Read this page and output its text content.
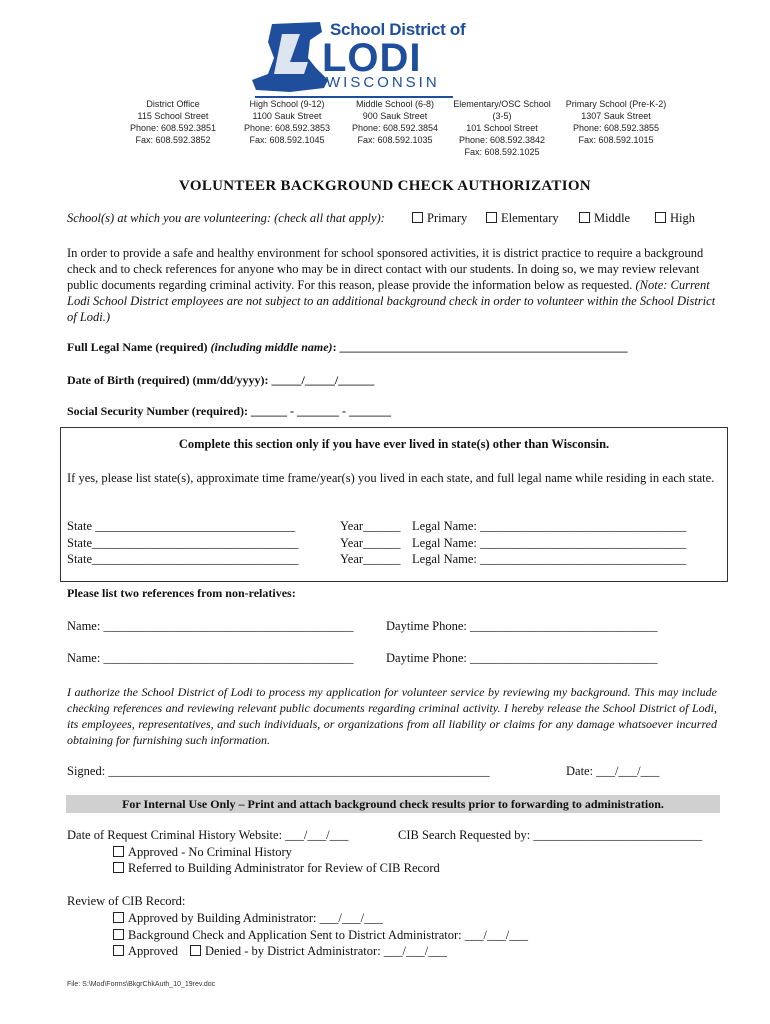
School District of
LODI
WISCONSIN
District Office
115 School Street
Phone: 608.592.3851
Fax: 608.592.3852
High School (9-12)
1100 Sauk Street
Phone: 608.592.3853
Fax: 608.592.1045
Middle School (6-8)
900 Sauk Street
Phone: 608.592.3854
Fax: 608.592.1035
Elementary/OSC School
(3-5)
101 School Street
Phone: 608.592.3842
Fax: 608.592.1025
Primary School (Pre-K-2)
1307 Sauk Street
Phone: 608.592.3855
Fax: 608.592.1015
VOLUNTEER BACKGROUND CHECK AUTHORIZATION
School(s) at which you are volunteering: (check all that apply):	Primary	Elementary	Middle	High
In order to provide a safe and healthy environment for school sponsored activities, it is district practice to require a background check and to check references for anyone who may be in direct contact with our students. In doing so, we may review relevant public documents regarding criminal activity. For this reason, please provide the information below as requested. (Note: Current Lodi School District employees are not subject to an additional background check in order to volunteer within the School District of Lodi.)
Full Legal Name (required) (including middle name): ________________________________________________
Date of Birth (required) (mm/dd/yyyy): _____/_____/______
Social Security Number (required): ______ - _______ - _______
Complete this section only if you have ever lived in state(s) other than Wisconsin.
If yes, please list state(s), approximate time frame/year(s) you lived in each state, and full legal name while residing in each state.
State ________________________________	Year______ Legal Name: _________________________________
State_________________________________	Year______ Legal Name: _________________________________
State_________________________________	Year______ Legal Name: _________________________________
Please list two references from non-relatives:
Name: ________________________________________	Daytime Phone: ______________________________
Name: ________________________________________	Daytime Phone: ______________________________
I authorize the School District of Lodi to process my application for volunteer service by reviewing my background. This may include checking references and reviewing relevant public documents regarding criminal activity. I hereby release the School District of Lodi, its employees, representatives, and such individuals, or organizations from all liability or claims for any damage whatsoever incurred obtaining for furnishing such information.
Signed: _____________________________________________________________	Date: ___/___/___
For Internal Use Only – Print and attach background check results prior to forwarding to administration.
Date of Request Criminal History Website: ___/___/___	CIB Search Requested by: ___________________________
Approved - No Criminal History
Referred to Building Administrator for Review of CIB Record
Review of CIB Record:
Approved by Building Administrator: ___/___/___
Background Check and Application Sent to District Administrator: ___/___/___
Approved	Denied - by District Administrator: ___/___/___
File: S:\Mod\Forms\BkgrChkAuth_10_19rev.doc
